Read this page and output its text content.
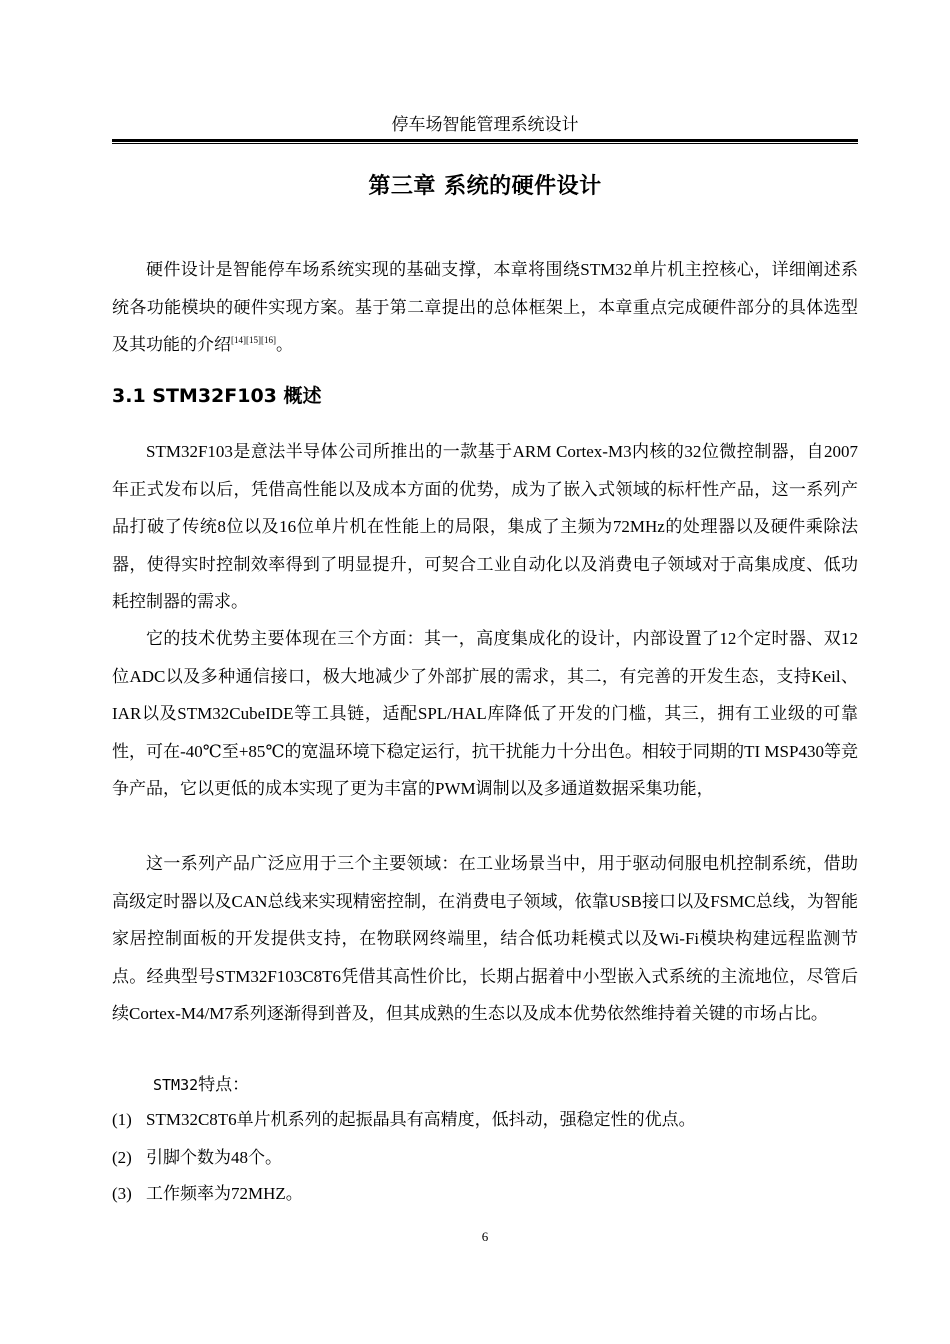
停车场智能管理系统设计
第三章 系统的硬件设计

硬件设计是智能停车场系统实现的基础支撑，本章将围绕STM32单片机主控核心，详细阐述系统各功能模块的硬件实现方案。基于第二章提出的总体框架上，本章重点完成硬件部分的具体选型及其功能的介绍[14][15][16]。

3.1 STM32F103 概述

STM32F103是意法半导体公司所推出的一款基于ARM Cortex-M3内核的32位微控制器，自2007年正式发布以后，凭借高性能以及成本方面的优势，成为了嵌入式领域的标杆性产品，这一系列产品打破了传统8位以及16位单片机在性能上的局限，集成了主频为72MHz的处理器以及硬件乘除法器，使得实时控制效率得到了明显提升，可契合工业自动化以及消费电子领域对于高集成度、低功耗控制器的需求。

它的技术优势主要体现在三个方面：其一，高度集成化的设计，内部设置了12个定时器、双12位ADC以及多种通信接口，极大地减少了外部扩展的需求，其二，有完善的开发生态，支持Keil、IAR以及STM32CubeIDE等工具链，适配SPL/HAL库降低了开发的门槛，其三，拥有工业级的可靠性，可在-40℃至+85℃的宽温环境下稳定运行，抗干扰能力十分出色。相较于同期的TI MSP430等竞争产品，它以更低的成本实现了更为丰富的PWM调制以及多通道数据采集功能，

这一系列产品广泛应用于三个主要领域：在工业场景当中，用于驱动伺服电机控制系统，借助高级定时器以及CAN总线来实现精密控制，在消费电子领域，依靠USB接口以及FSMC总线，为智能家居控制面板的开发提供支持，在物联网终端里，结合低功耗模式以及Wi-Fi模块构建远程监测节点。经典型号STM32F103C8T6凭借其高性价比，长期占据着中小型嵌入式系统的主流地位，尽管后续Cortex-M4/M7系列逐渐得到普及，但其成熟的生态以及成本优势依然维持着关键的市场占比。

STM32特点：
(1) STM32C8T6单片机系列的起振晶具有高精度，低抖动，强稳定性的优点。
(2) 引脚个数为48个。
(3) 工作频率为72MHZ。
6
